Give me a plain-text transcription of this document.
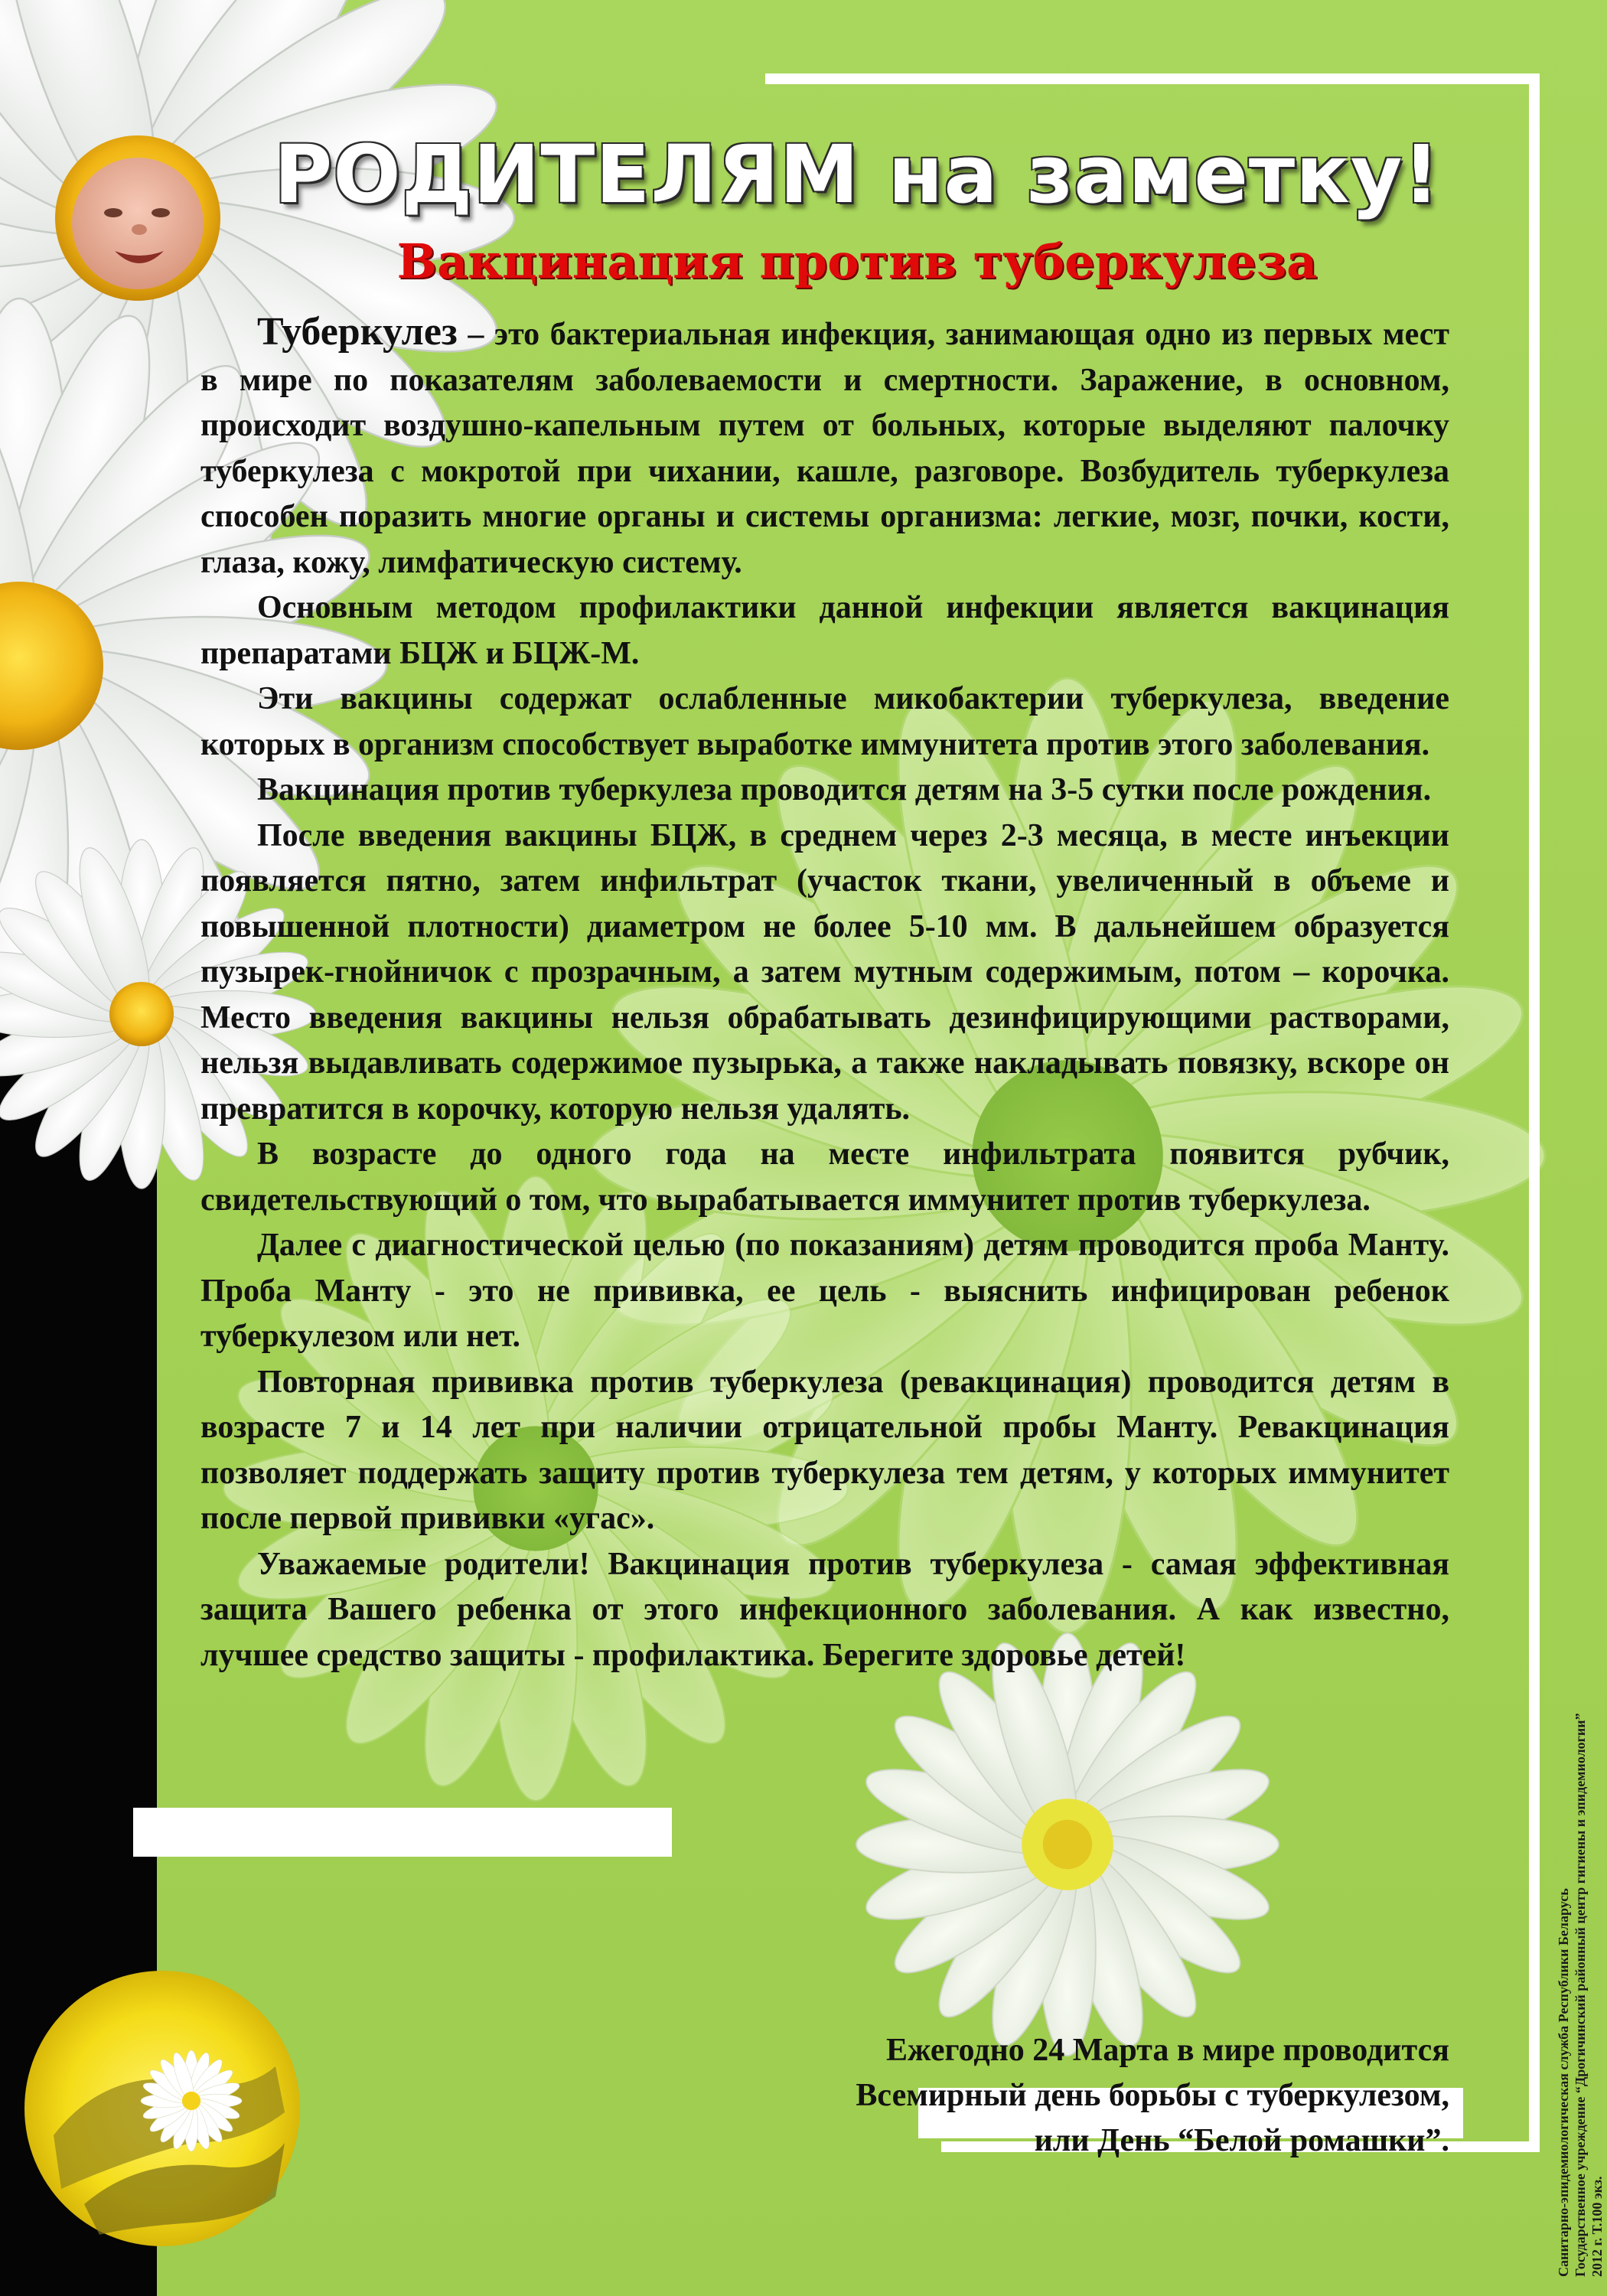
РОДИТЕЛЯМ на заметку!
Вакцинация против туберкулеза

Туберкулез – это бактериальная инфекция, занимающая одно из первых мест в мире по показателям заболеваемости и смертности. Заражение, в основном, происходит воздушно-капельным путем от больных, которые выделяют палочку туберкулеза с мокротой при чихании, кашле, разговоре. Возбудитель туберкулеза способен поразить многие органы и системы организма: легкие, мозг, почки, кости, глаза, кожу, лимфатическую систему.

Основным методом профилактики данной инфекции является вакцинация препаратами БЦЖ и БЦЖ-М.

Эти вакцины содержат ослабленные микобактерии туберкулеза, введение которых в организм способствует выработке иммунитета против этого заболевания.

Вакцинация против туберкулеза проводится детям на 3-5 сутки после рождения.

После введения вакцины БЦЖ, в среднем через 2-3 месяца, в месте инъекции появляется пятно, затем инфильтрат (участок ткани, увеличенный в объеме и повышенной плотности) диаметром не более 5-10 мм. В дальнейшем образуется пузырек-гнойничок с прозрачным, а затем мутным содержимым, потом – корочка. Место введения вакцины нельзя обрабатывать дезинфицирующими растворами, нельзя выдавливать содержимое пузырька, а также накладывать повязку, вскоре он превратится в корочку, которую нельзя удалять.

В возрасте до одного года на месте инфильтрата появится рубчик, свидетельствующий о том, что вырабатывается иммунитет против туберкулеза.

Далее с диагностической целью (по показаниям) детям проводится проба Манту. Проба Манту - это не прививка, ее цель - выяснить инфицирован ребенок туберкулезом или нет.

Повторная прививка против туберкулеза (ревакцинация) проводится детям в возрасте 7 и 14 лет при наличии отрицательной пробы Манту. Ревакцинация позволяет поддержать защиту против туберкулеза тем детям, у которых иммунитет после первой прививки «угас».

Уважаемые родители! Вакцинация против туберкулеза - самая эффективная защита Вашего ребенка от этого инфекционного заболевания. А как известно, лучшее средство защиты - профилактика. Берегите здоровье детей!

Ежегодно 24 Марта в мире проводится
Всемирный день борьбы с туберкулезом,
или День “Белой ромашки”.	Санитарно-эпидемиологическая служба Республики Беларусь Государственное учреждение “Дрогичинский районный центр гигиены и эпидемиологии” 2012 г. Т.100 экз.
